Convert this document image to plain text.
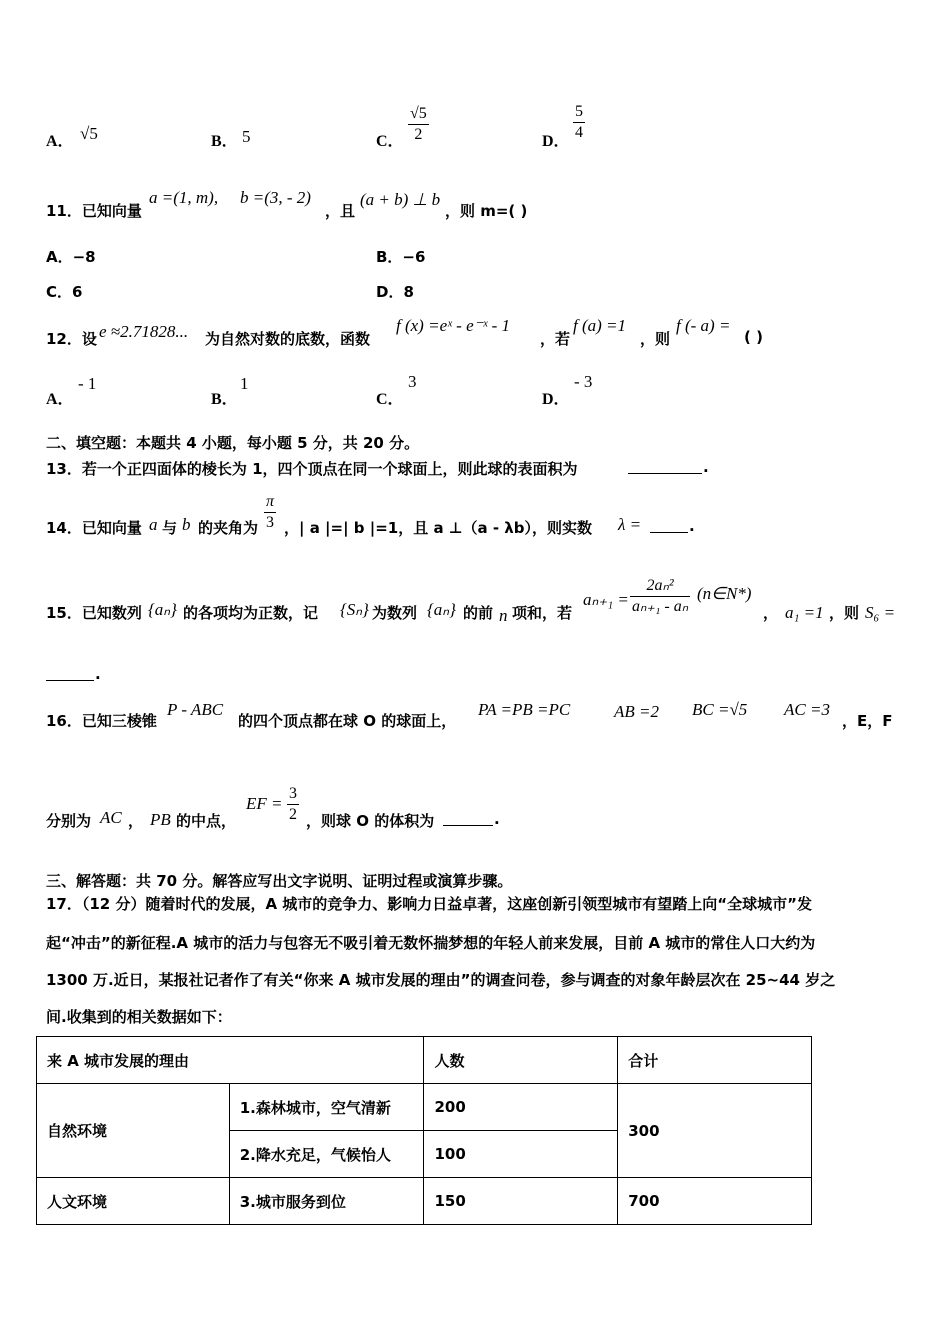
A． √5	B． 5	C． $\frac{√5}{2}$	D． $\frac{5}{4}$
11．已知向量
a =(1, m), b =(3, - 2)
，且
(a + b) ⊥ b
，则 m=( )
A．−8	B．−6
C．6	D．8
12．设 e ≈2.71828... 为自然对数的底数，函数
f (x) =eˣ - e⁻ˣ - 1
，若
f (a) =1
，则
f (- a) =
( )
A．
- 1
B．
1
C．
3
D．
- 3
二、填空题：本题共 4 小题，每小题 5 分，共 20 分。
13．若一个正四面体的棱长为 1，四个顶点在同一个球面上，则此球的表面积为	.
14．已知向量 a 与 b 的夹角为 $\frac{\pi}{3}$ ，| a |=| b |=1，且 a ⊥（a - λb），则实数 λ =	.
15．已知数列 {aₙ} 的各项均为正数，记 {Sₙ} 为数列 {aₙ} 的前 n 项和，若
$a_{n+1} = \frac{\text{2aₙ²}}{\text{aₙ₊₁ - aₙ}}$ (n∈N*)
， a₁ =1 ，则 S₆ =
.
16．已知三棱锥
P - ABC
的四个顶点都在球 O 的球面上，
PA =PB =PC	AB =2 BC =√5 AC =3
，E，F
分别为 AC ， PB 的中点，
EF = $\frac{3}{2}$ ，则球 O 的体积为	.
三、解答题：共 70 分。解答应写出文字说明、证明过程或演算步骤。
17．（12 分）随着时代的发展，A 城市的竞争力、影响力日益卓著，这座创新引领型城市有望踏上向“全球城市”发
起“冲击”的新征程.A 城市的活力与包容无不吸引着无数怀揣梦想的年轻人前来发展，目前 A 城市的常住人口大约为
1300 万.近日，某报社记者作了有关“你来 A 城市发展的理由”的调查问卷，参与调查的对象年龄层次在 25~44 岁之
间.收集到的相关数据如下：
来 A 城市发展的理由		人数	合计
自然环境	1.森林城市，空气清新	200	300
	2.降水充足，气候怡人	100	
人文环境	3.城市服务到位	150	700
